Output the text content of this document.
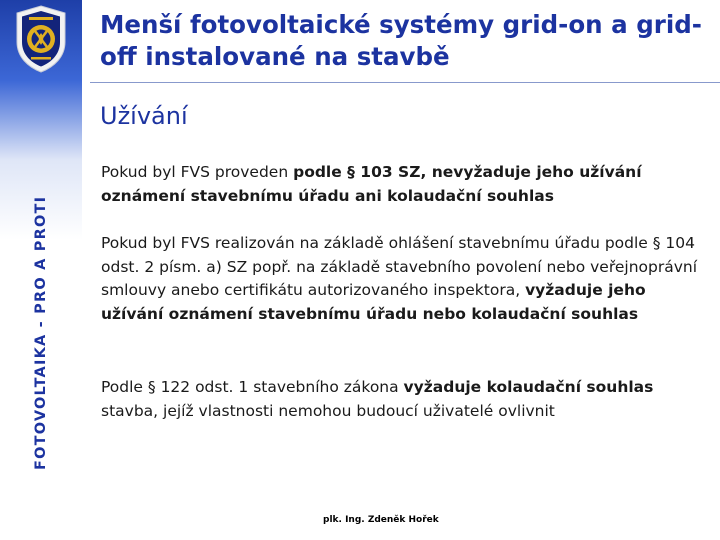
FOTOVOLTAIKA - PRO A PROTI
Menší fotovoltaické systémy grid-on a grid-off instalované na stavbě
Užívání

Pokud byl FVS proveden podle § 103 SZ, nevyžaduje jeho užívání oznámení stavebnímu úřadu ani kolaudační souhlas

Pokud byl FVS realizován na základě ohlášení stavebnímu úřadu podle § 104 odst. 2 písm. a) SZ popř. na základě stavebního povolení nebo veřejnoprávní smlouvy anebo certifikátu autorizovaného inspektora, vyžaduje jeho užívání oznámení stavebnímu úřadu nebo kolaudační souhlas

Podle § 122 odst. 1 stavebního zákona vyžaduje kolaudační souhlas stavba, jejíž vlastnosti nemohou budoucí uživatelé ovlivnit

plk. Ing. Zdeněk Hořek
